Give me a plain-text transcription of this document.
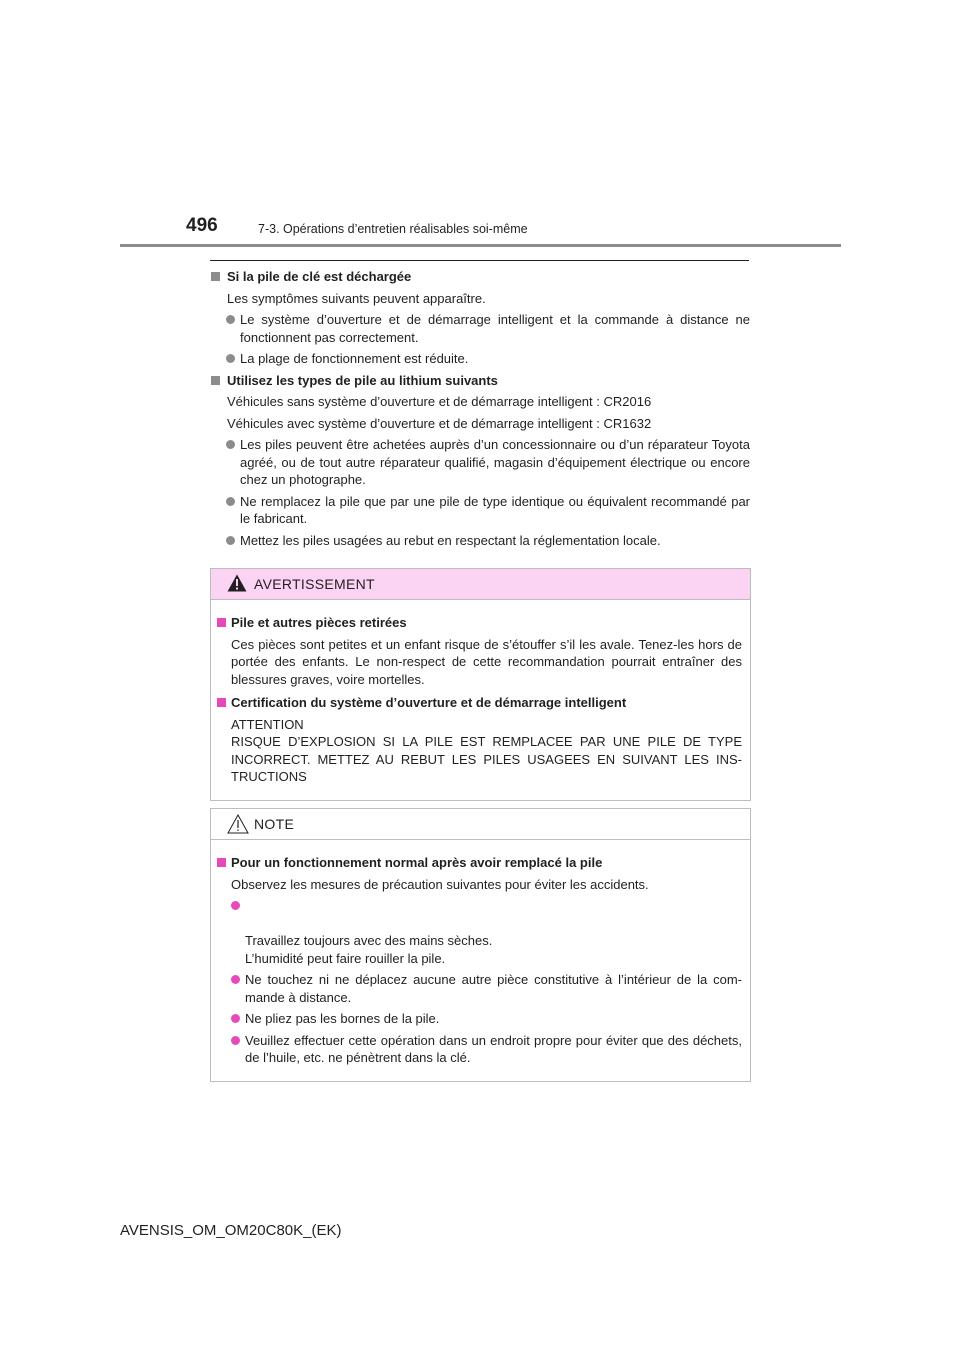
496	7-3. Opérations d’entretien réalisables soi-même
Si la pile de clé est déchargée
Les symptômes suivants peuvent apparaître.
Le système d’ouverture et de démarrage intelligent et la commande à distance ne fonctionnent pas correctement.
La plage de fonctionnement est réduite.
Utilisez les types de pile au lithium suivants
Véhicules sans système d’ouverture et de démarrage intelligent : CR2016
Véhicules avec système d’ouverture et de démarrage intelligent : CR1632
Les piles peuvent être achetées auprès d’un concessionnaire ou d’un réparateur Toyota agréé, ou de tout autre réparateur qualifié, magasin d’équipement électrique ou encore chez un photographe.
Ne remplacez la pile que par une pile de type identique ou équivalent recommandé par le fabricant.
Mettez les piles usagées au rebut en respectant la réglementation locale.
AVERTISSEMENT
Pile et autres pièces retirées
Ces pièces sont petites et un enfant risque de s’étouffer s’il les avale. Tenez-les hors de portée des enfants. Le non-respect de cette recommandation pourrait entraîner des blessures graves, voire mortelles.
Certification du système d’ouverture et de démarrage intelligent
ATTENTION
RISQUE D’EXPLOSION SI LA PILE EST REMPLACEE PAR UNE PILE DE TYPE INCORRECT. METTEZ AU REBUT LES PILES USAGEES EN SUIVANT LES INS-TRUCTIONS
NOTE
Pour un fonctionnement normal après avoir remplacé la pile
Observez les mesures de précaution suivantes pour éviter les accidents.

Travaillez toujours avec des mains sèches.
L’humidité peut faire rouiller la pile.

Ne touchez ni ne déplacez aucune autre pièce constitutive à l’intérieur de la com-mande à distance.
Ne pliez pas les bornes de la pile.
Veuillez effectuer cette opération dans un endroit propre pour éviter que des déchets, de l’huile, etc. ne pénètrent dans la clé.
AVENSIS_OM_OM20C80K_(EK)
